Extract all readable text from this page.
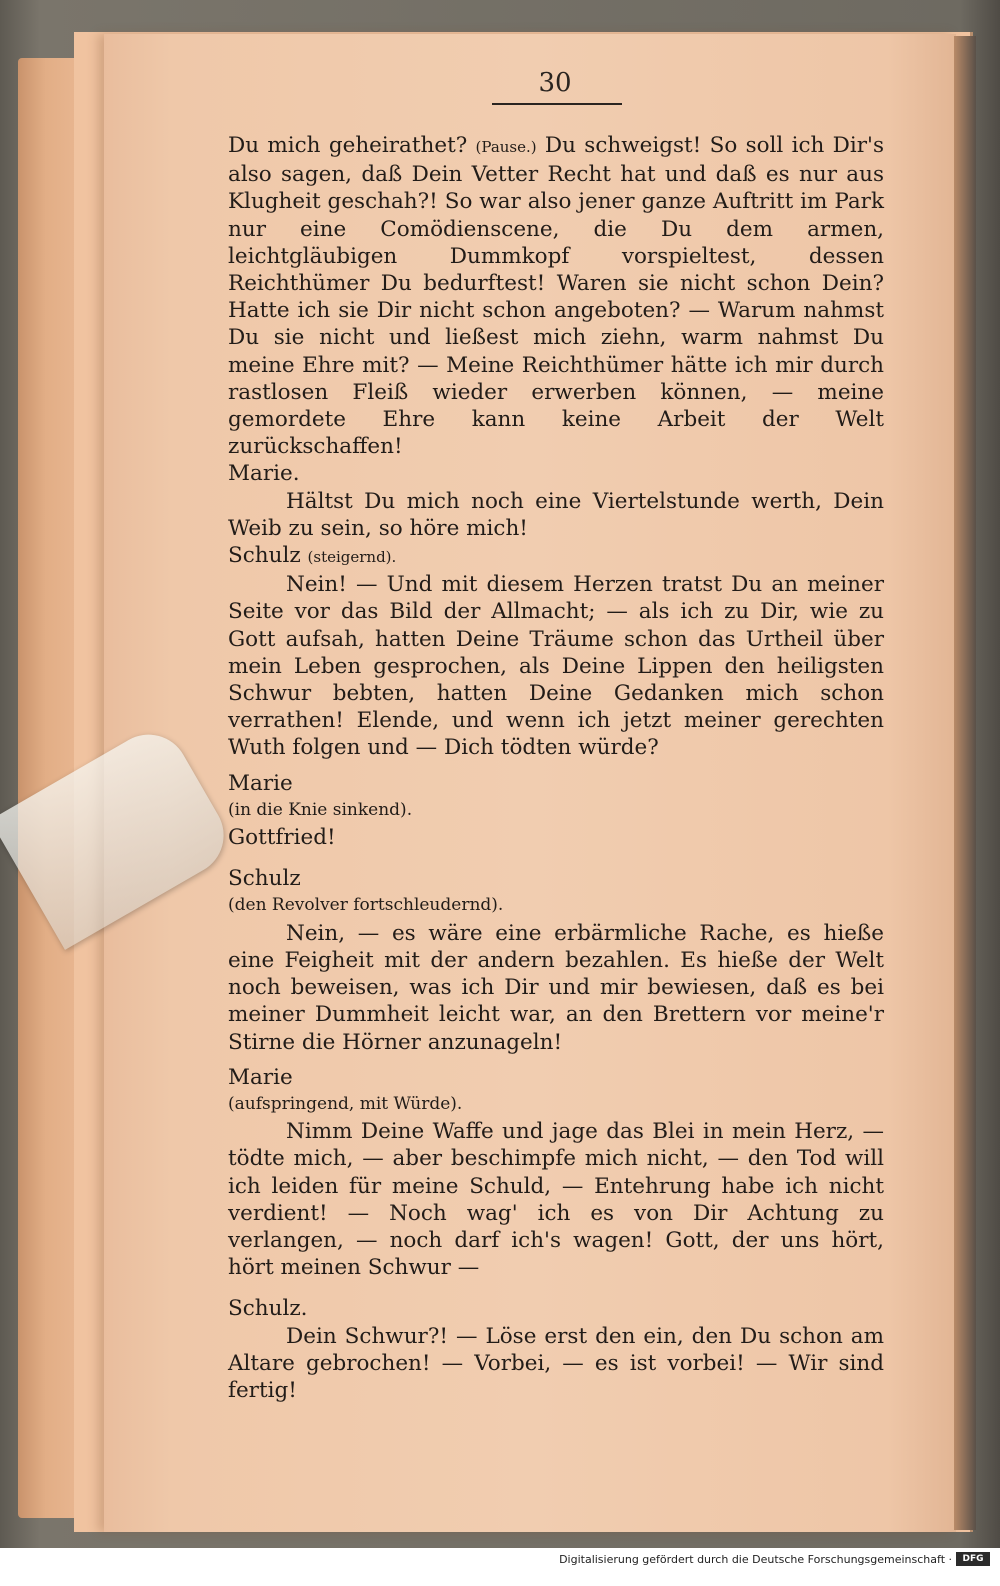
30

Du mich geheirathet? (Pause.) Du schweigst! So soll ich Dir's also sagen, daß Dein Vetter Recht hat und daß es nur aus Klugheit geschah?! So war also jener ganze Auftritt im Park nur eine Comödienscene, die Du dem armen, leichtgläubigen Dummkopf vorspieltest, dessen Reichthümer Du bedurftest! Waren sie nicht schon Dein? Hatte ich sie Dir nicht schon angeboten? — Warum nahmst Du sie nicht und ließest mich ziehn, warm nahmst Du meine Ehre mit? — Meine Reichthümer hätte ich mir durch rastlosen Fleiß wieder erwerben können, — meine gemordete Ehre kann keine Arbeit der Welt zurückschaffen!

Marie.

Hältst Du mich noch eine Viertelstunde werth, Dein Weib zu sein, so höre mich!

Schulz (steigernd).

Nein! — Und mit diesem Herzen tratst Du an meiner Seite vor das Bild der Allmacht; — als ich zu Dir, wie zu Gott aufsah, hatten Deine Träume schon das Urtheil über mein Leben gesprochen, als Deine Lippen den heiligsten Schwur bebten, hatten Deine Gedanken mich schon verrathen! Elende, und wenn ich jetzt meiner gerechten Wuth folgen und — Dich tödten würde?

Marie

(in die Knie sinkend).

Gottfried!

Schulz

(den Revolver fortschleudernd).

Nein, — es wäre eine erbärmliche Rache, es hieße eine Feigheit mit der andern bezahlen. Es hieße der Welt noch beweisen, was ich Dir und mir bewiesen, daß es bei meiner Dummheit leicht war, an den Brettern vor meine'r Stirne die Hörner anzunageln!

Marie

(aufspringend, mit Würde).

Nimm Deine Waffe und jage das Blei in mein Herz, — tödte mich, — aber beschimpfe mich nicht, — den Tod will ich leiden für meine Schuld, — Entehrung habe ich nicht verdient! — Noch wag' ich es von Dir Achtung zu verlangen, — noch darf ich's wagen! Gott, der uns hört, hört meinen Schwur —

Schulz.

Dein Schwur?! — Löse erst den ein, den Du schon am Altare gebrochen! — Vorbei, — es ist vorbei! — Wir sind fertig!

Digitalisierung gefördert durch die Deutsche Forschungsgemeinschaft ·	DFG
